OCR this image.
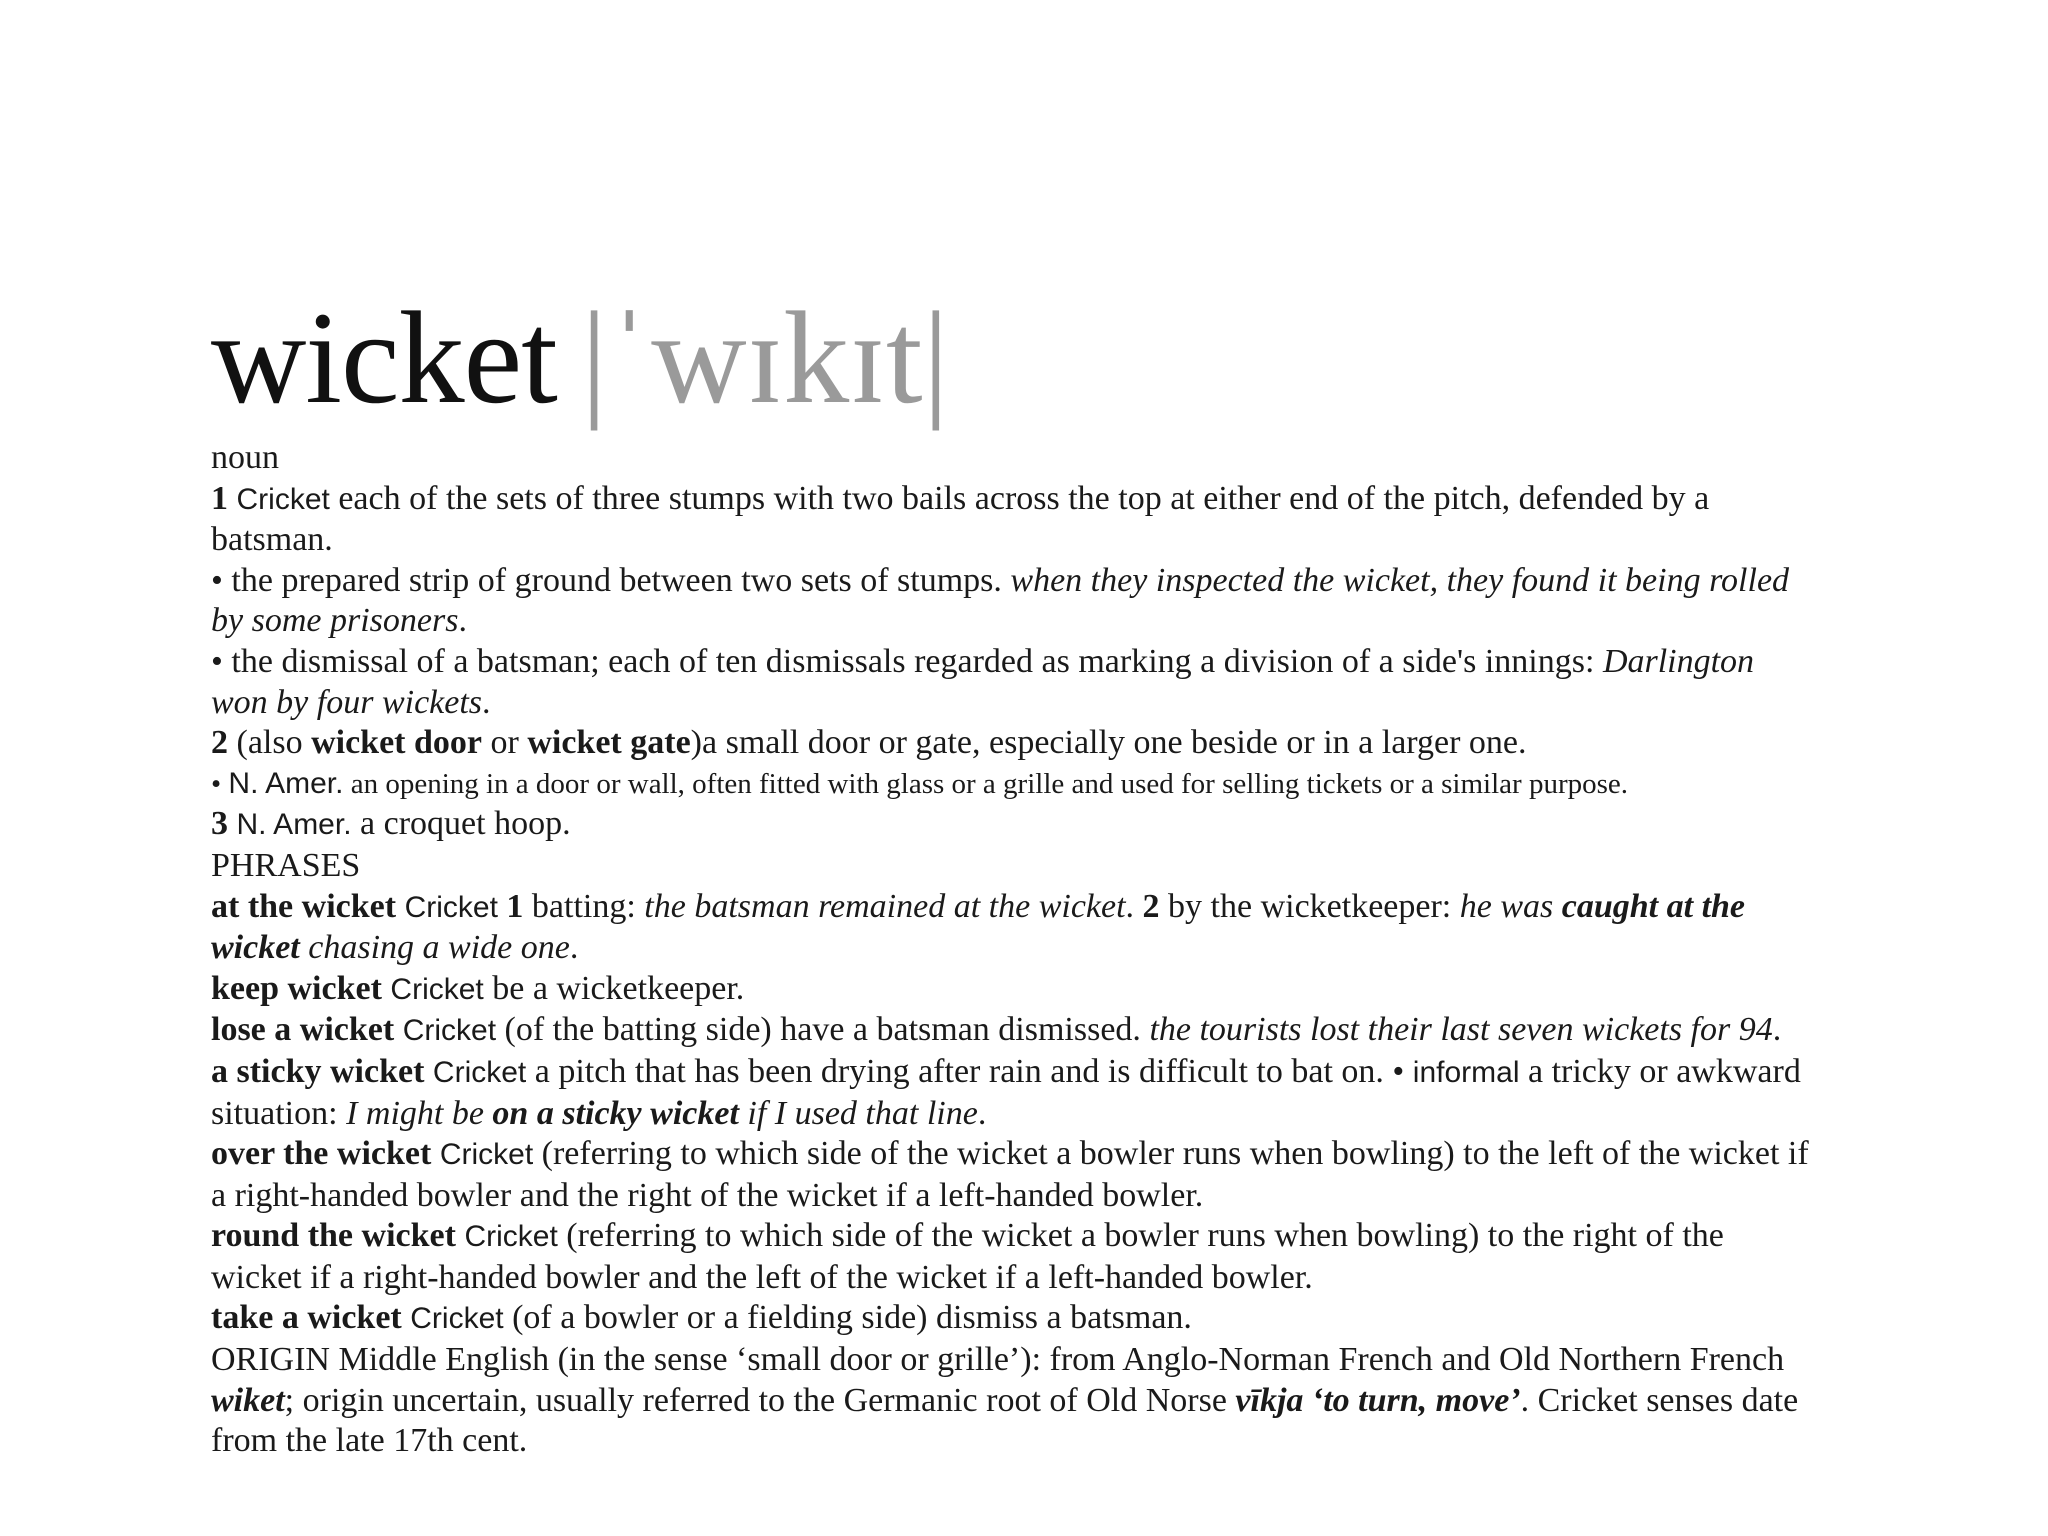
wicket |ˈwɪkɪt|

noun

1 Cricket each of the sets of three stumps with two bails across the top at either end of the pitch, defended by a batsman.

• the prepared strip of ground between two sets of stumps. when they inspected the wicket, they found it being rolled by some prisoners.

• the dismissal of a batsman; each of ten dismissals regarded as marking a division of a side's innings: Darlington won by four wickets.

2 (also wicket door or wicket gate)a small door or gate, especially one beside or in a larger one.

• N. Amer. an opening in a door or wall, often fitted with glass or a grille and used for selling tickets or a similar purpose.

3 N. Amer. a croquet hoop.

PHRASES

at the wicket Cricket 1 batting: the batsman remained at the wicket. 2 by the wicketkeeper: he was caught at the wicket chasing a wide one.

keep wicket Cricket be a wicketkeeper.

lose a wicket Cricket (of the batting side) have a batsman dismissed. the tourists lost their last seven wickets for 94.

a sticky wicket Cricket a pitch that has been drying after rain and is difficult to bat on. • informal a tricky or awkward situation: I might be on a sticky wicket if I used that line.

over the wicket Cricket (referring to which side of the wicket a bowler runs when bowling) to the left of the wicket if a right-handed bowler and the right of the wicket if a left-handed bowler.

round the wicket Cricket (referring to which side of the wicket a bowler runs when bowling) to the right of the wicket if a right-handed bowler and the left of the wicket if a left-handed bowler.

take a wicket Cricket (of a bowler or a fielding side) dismiss a batsman.

ORIGIN Middle English (in the sense ‘small door or grille’): from Anglo-Norman French and Old Northern French wiket; origin uncertain, usually referred to the Germanic root of Old Norse vīkja ‘to turn, move’. Cricket senses date from the late 17th cent.
